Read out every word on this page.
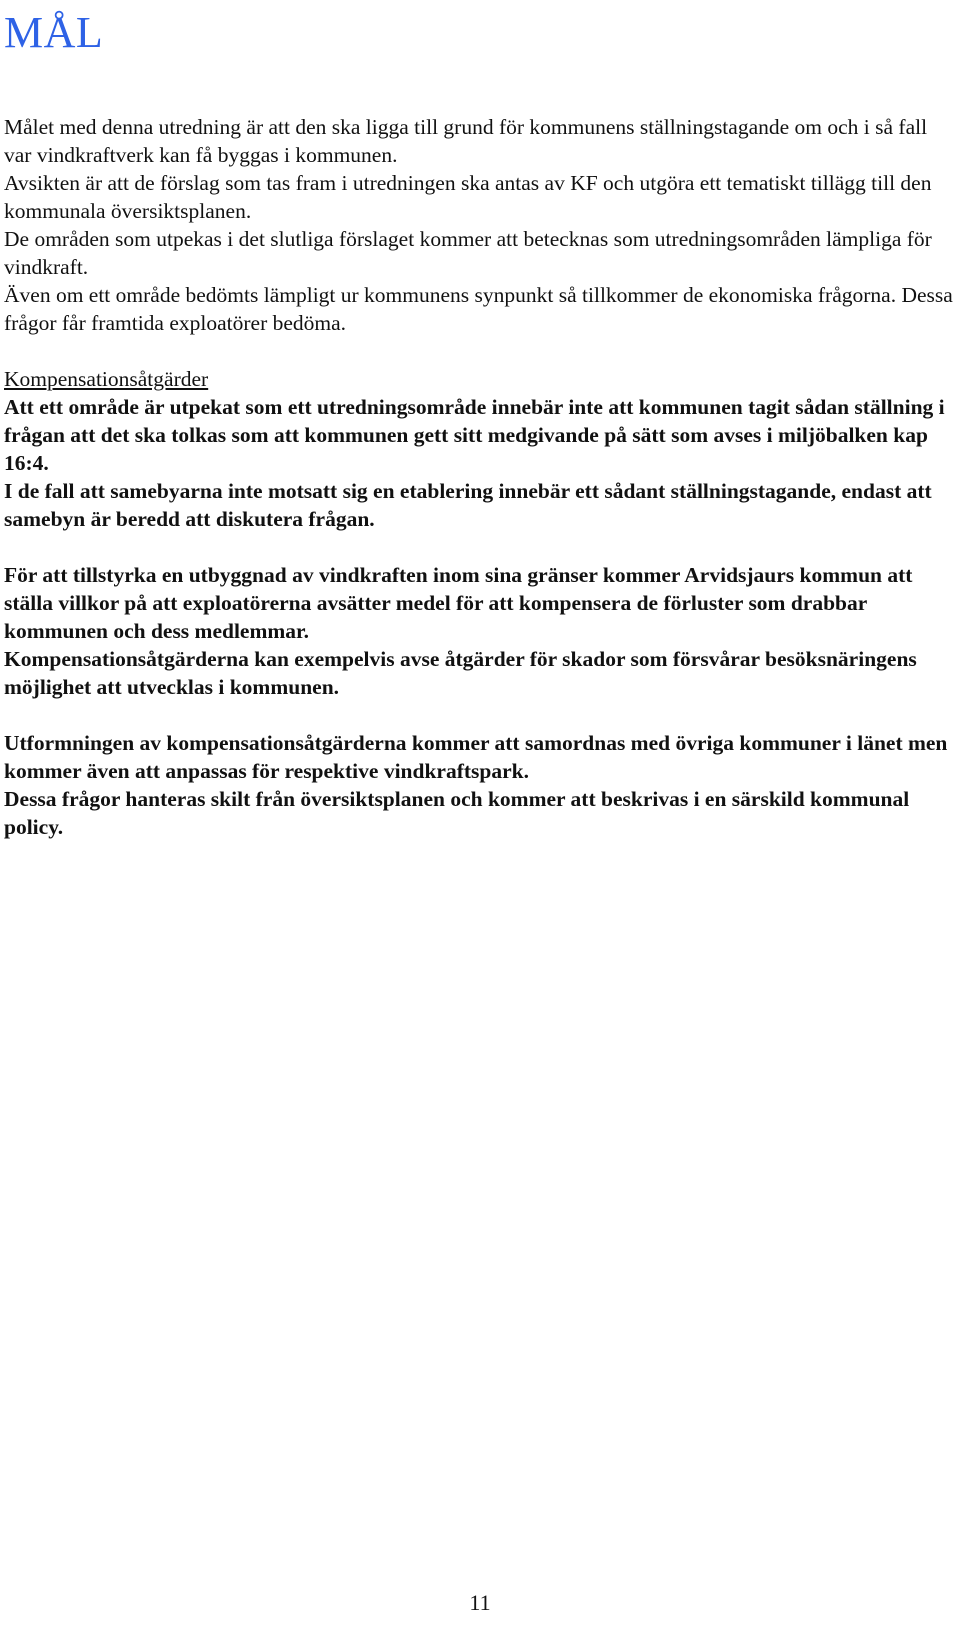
MÅL

Målet med denna utredning är att den ska ligga till grund för kommunens ställningstagande om och i så fall var vindkraftverk kan få byggas i kommunen.

Avsikten är att de förslag som tas fram i utredningen ska antas av KF och utgöra ett tematiskt tillägg till den kommunala översiktsplanen.

De områden som utpekas i det slutliga förslaget kommer att betecknas som utredningsområden lämpliga för vindkraft.

Även om ett område bedömts lämpligt ur kommunens synpunkt så tillkommer de ekonomiska frågorna. Dessa frågor får framtida exploatörer bedöma.

Kompensationsåtgärder

Att ett område är utpekat som ett utredningsområde innebär inte att kommunen tagit sådan ställning i frågan att det ska tolkas som att kommunen gett sitt medgivande på sätt som avses i miljöbalken kap 16:4.

I de fall att samebyarna inte motsatt sig en etablering innebär ett sådant ställningstagande, endast att samebyn är beredd att diskutera frågan.

För att tillstyrka en utbyggnad av vindkraften inom sina gränser kommer Arvidsjaurs kommun att ställa villkor på att exploatörerna avsätter medel för att kompensera de förluster som drabbar kommunen och dess medlemmar.

Kompensationsåtgärderna kan exempelvis avse åtgärder för skador som försvårar besöksnäringens möjlighet att utvecklas i kommunen.

Utformningen av kompensationsåtgärderna kommer att samordnas med övriga kommuner i länet men kommer även att anpassas för respektive vindkraftspark.

Dessa frågor hanteras skilt från översiktsplanen och kommer att beskrivas i en särskild kommunal policy.

11
